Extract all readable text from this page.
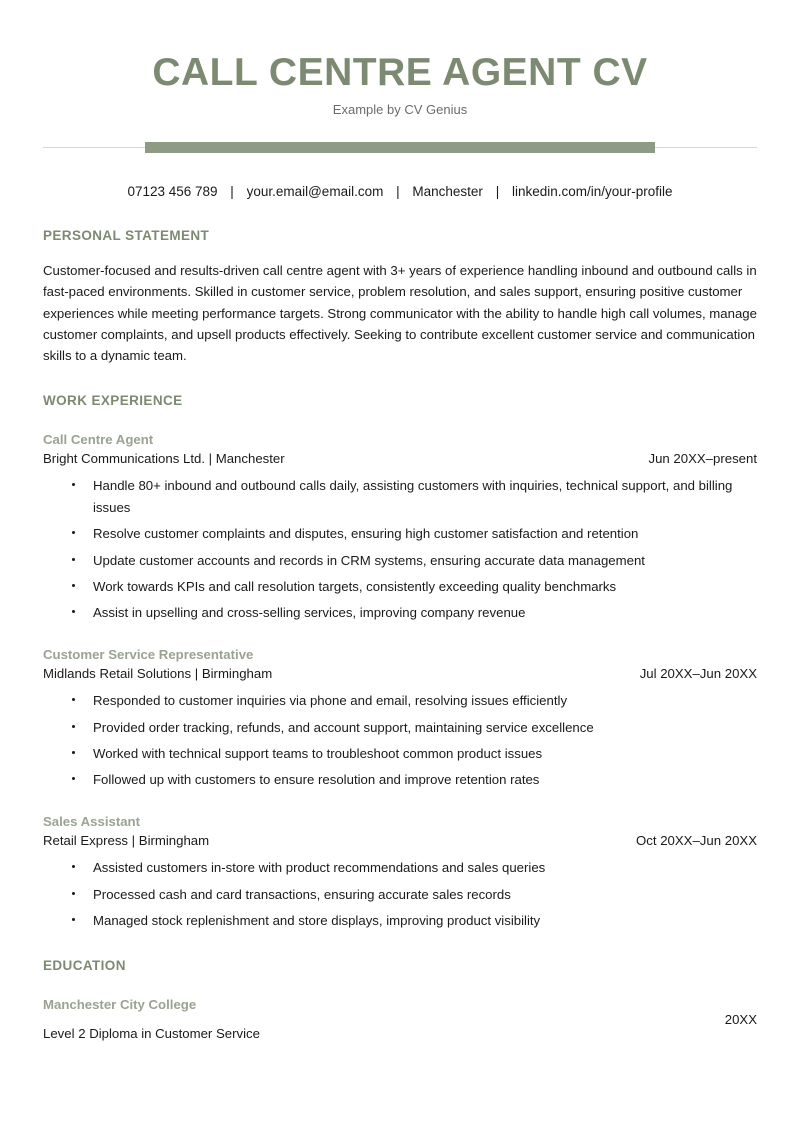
CALL CENTRE AGENT CV
Example by CV Genius
07123 456 789 | your.email@email.com | Manchester | linkedin.com/in/your-profile
PERSONAL STATEMENT

Customer-focused and results-driven call centre agent with 3+ years of experience handling inbound and outbound calls in fast-paced environments. Skilled in customer service, problem resolution, and sales support, ensuring positive customer experiences while meeting performance targets. Strong communicator with the ability to handle high call volumes, manage customer complaints, and upsell products effectively. Seeking to contribute excellent customer service and communication skills to a dynamic team.

WORK EXPERIENCE
Call Centre Agent
Bright Communications Ltd. | Manchester	Jun 20XX–present
Handle 80+ inbound and outbound calls daily, assisting customers with inquiries, technical support, and billing issues
Resolve customer complaints and disputes, ensuring high customer satisfaction and retention
Update customer accounts and records in CRM systems, ensuring accurate data management
Work towards KPIs and call resolution targets, consistently exceeding quality benchmarks
Assist in upselling and cross-selling services, improving company revenue
Customer Service Representative
Midlands Retail Solutions | Birmingham	Jul 20XX–Jun 20XX
Responded to customer inquiries via phone and email, resolving issues efficiently
Provided order tracking, refunds, and account support, maintaining service excellence
Worked with technical support teams to troubleshoot common product issues
Followed up with customers to ensure resolution and improve retention rates
Sales Assistant
Retail Express | Birmingham	Oct 20XX–Jun 20XX
Assisted customers in-store with product recommendations and sales queries
Processed cash and card transactions, ensuring accurate sales records
Managed stock replenishment and store displays, improving product visibility
EDUCATION
Manchester City College
Level 2 Diploma in Customer Service
20XX
